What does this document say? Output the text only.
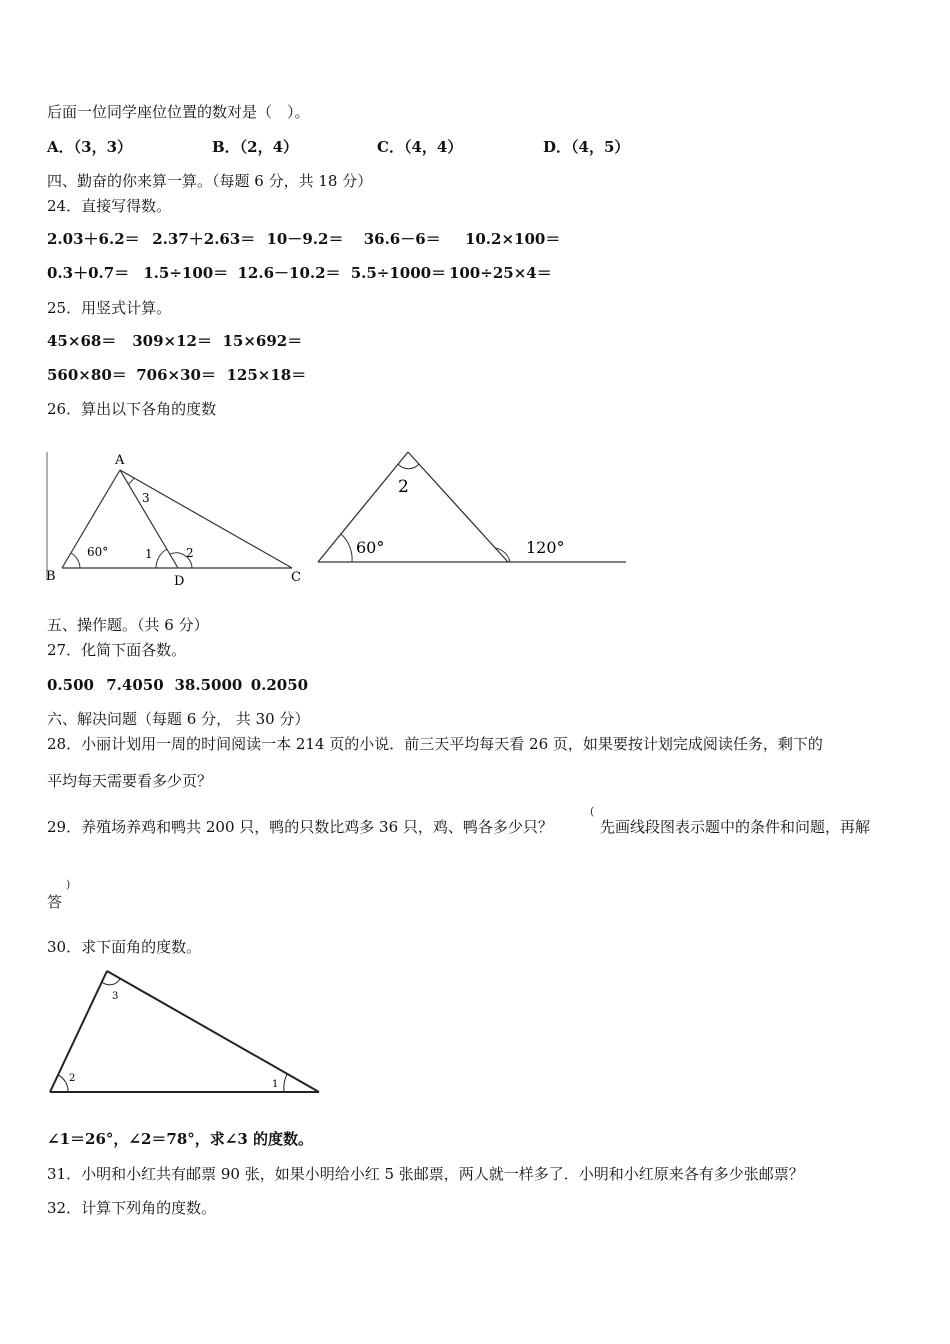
后面一位同学座位位置的数对是（　）。
A．（3，3）	B．（2，4）	C．（4，4）	D．（4，5）
四、勤奋的你来算一算。（每题 6 分，共 18 分）
24．直接写得数。
2.03＋6.2＝ 2.37＋2.63＝ 10－9.2＝ 36.6－6＝ 10.2×100＝
0.3＋0.7＝ 1.5÷100＝ 12.6－10.2＝ 5.5÷1000＝ 100÷25×4＝
25．用竖式计算。
45×68＝ 309×12＝ 15×692＝
560×80＝ 706×30＝ 125×18＝
26．算出以下各角的度数
A
B	C
D
3
1	2
60°
2
60°	120°
五、操作题。（共 6 分）
27．化简下面各数。
0.500 7.4050 38.5000 0.2050
六、解决问题（每题 6 分， 共 30 分）
28．小丽计划用一周的时间阅读一本 214 页的小说．前三天平均每天看 26 页，如果要按计划完成阅读任务，剩下的
平均每天需要看多少页？
29．养殖场养鸡和鸭共 200 只，鸭的只数比鸡多 36 只，鸡、鸭各多少只？
(
先画线段图表示题中的条件和问题，再解
)
答
30．求下面角的度数。
3
2
1
∠1＝26°，∠2＝78°，求∠3 的度数。
31．小明和小红共有邮票 90 张，如果小明给小红 5 张邮票，两人就一样多了．小明和小红原来各有多少张邮票？
32．计算下列角的度数。
